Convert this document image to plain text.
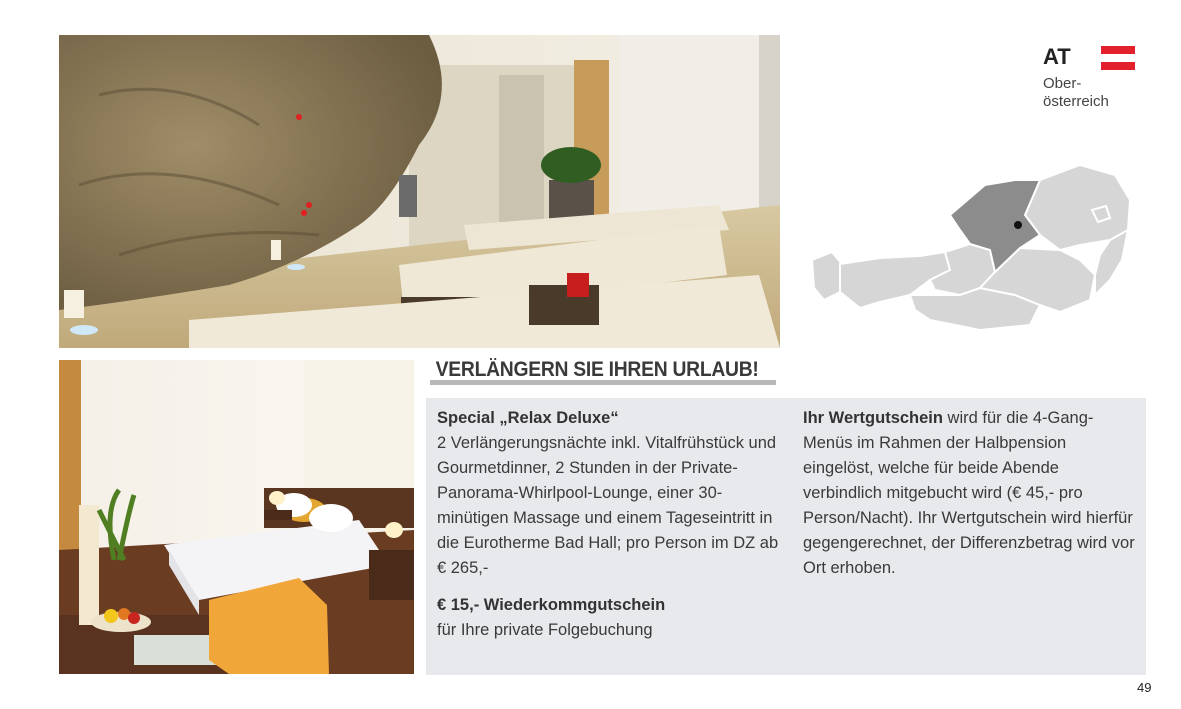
AT
Ober-
österreich
VERLÄNGERN SIE IHREN URLAUB!

Special „Relax Deluxe“

2 Verlängerungsnächte inkl. Vitalfrühstück und Gourmetdinner, 2 Stunden in der Private-Panorama-Whirlpool-Lounge, einer 30-minütigen Massage und einem Tageseintritt in die Eurotherme Bad Hall; pro Person im DZ ab € 265,-

€ 15,- Wiederkommgutschein

für Ihre private Folgebuchung

Ihr Wertgutschein wird für die 4-Gang-Menüs im Rahmen der Halbpension eingelöst, welche für beide Abende verbindlich mitgebucht wird (€ 45,- pro Person/Nacht). Ihr Wertgutschein wird hierfür gegengerechnet, der Differenzbetrag wird vor Ort erhoben.

49
